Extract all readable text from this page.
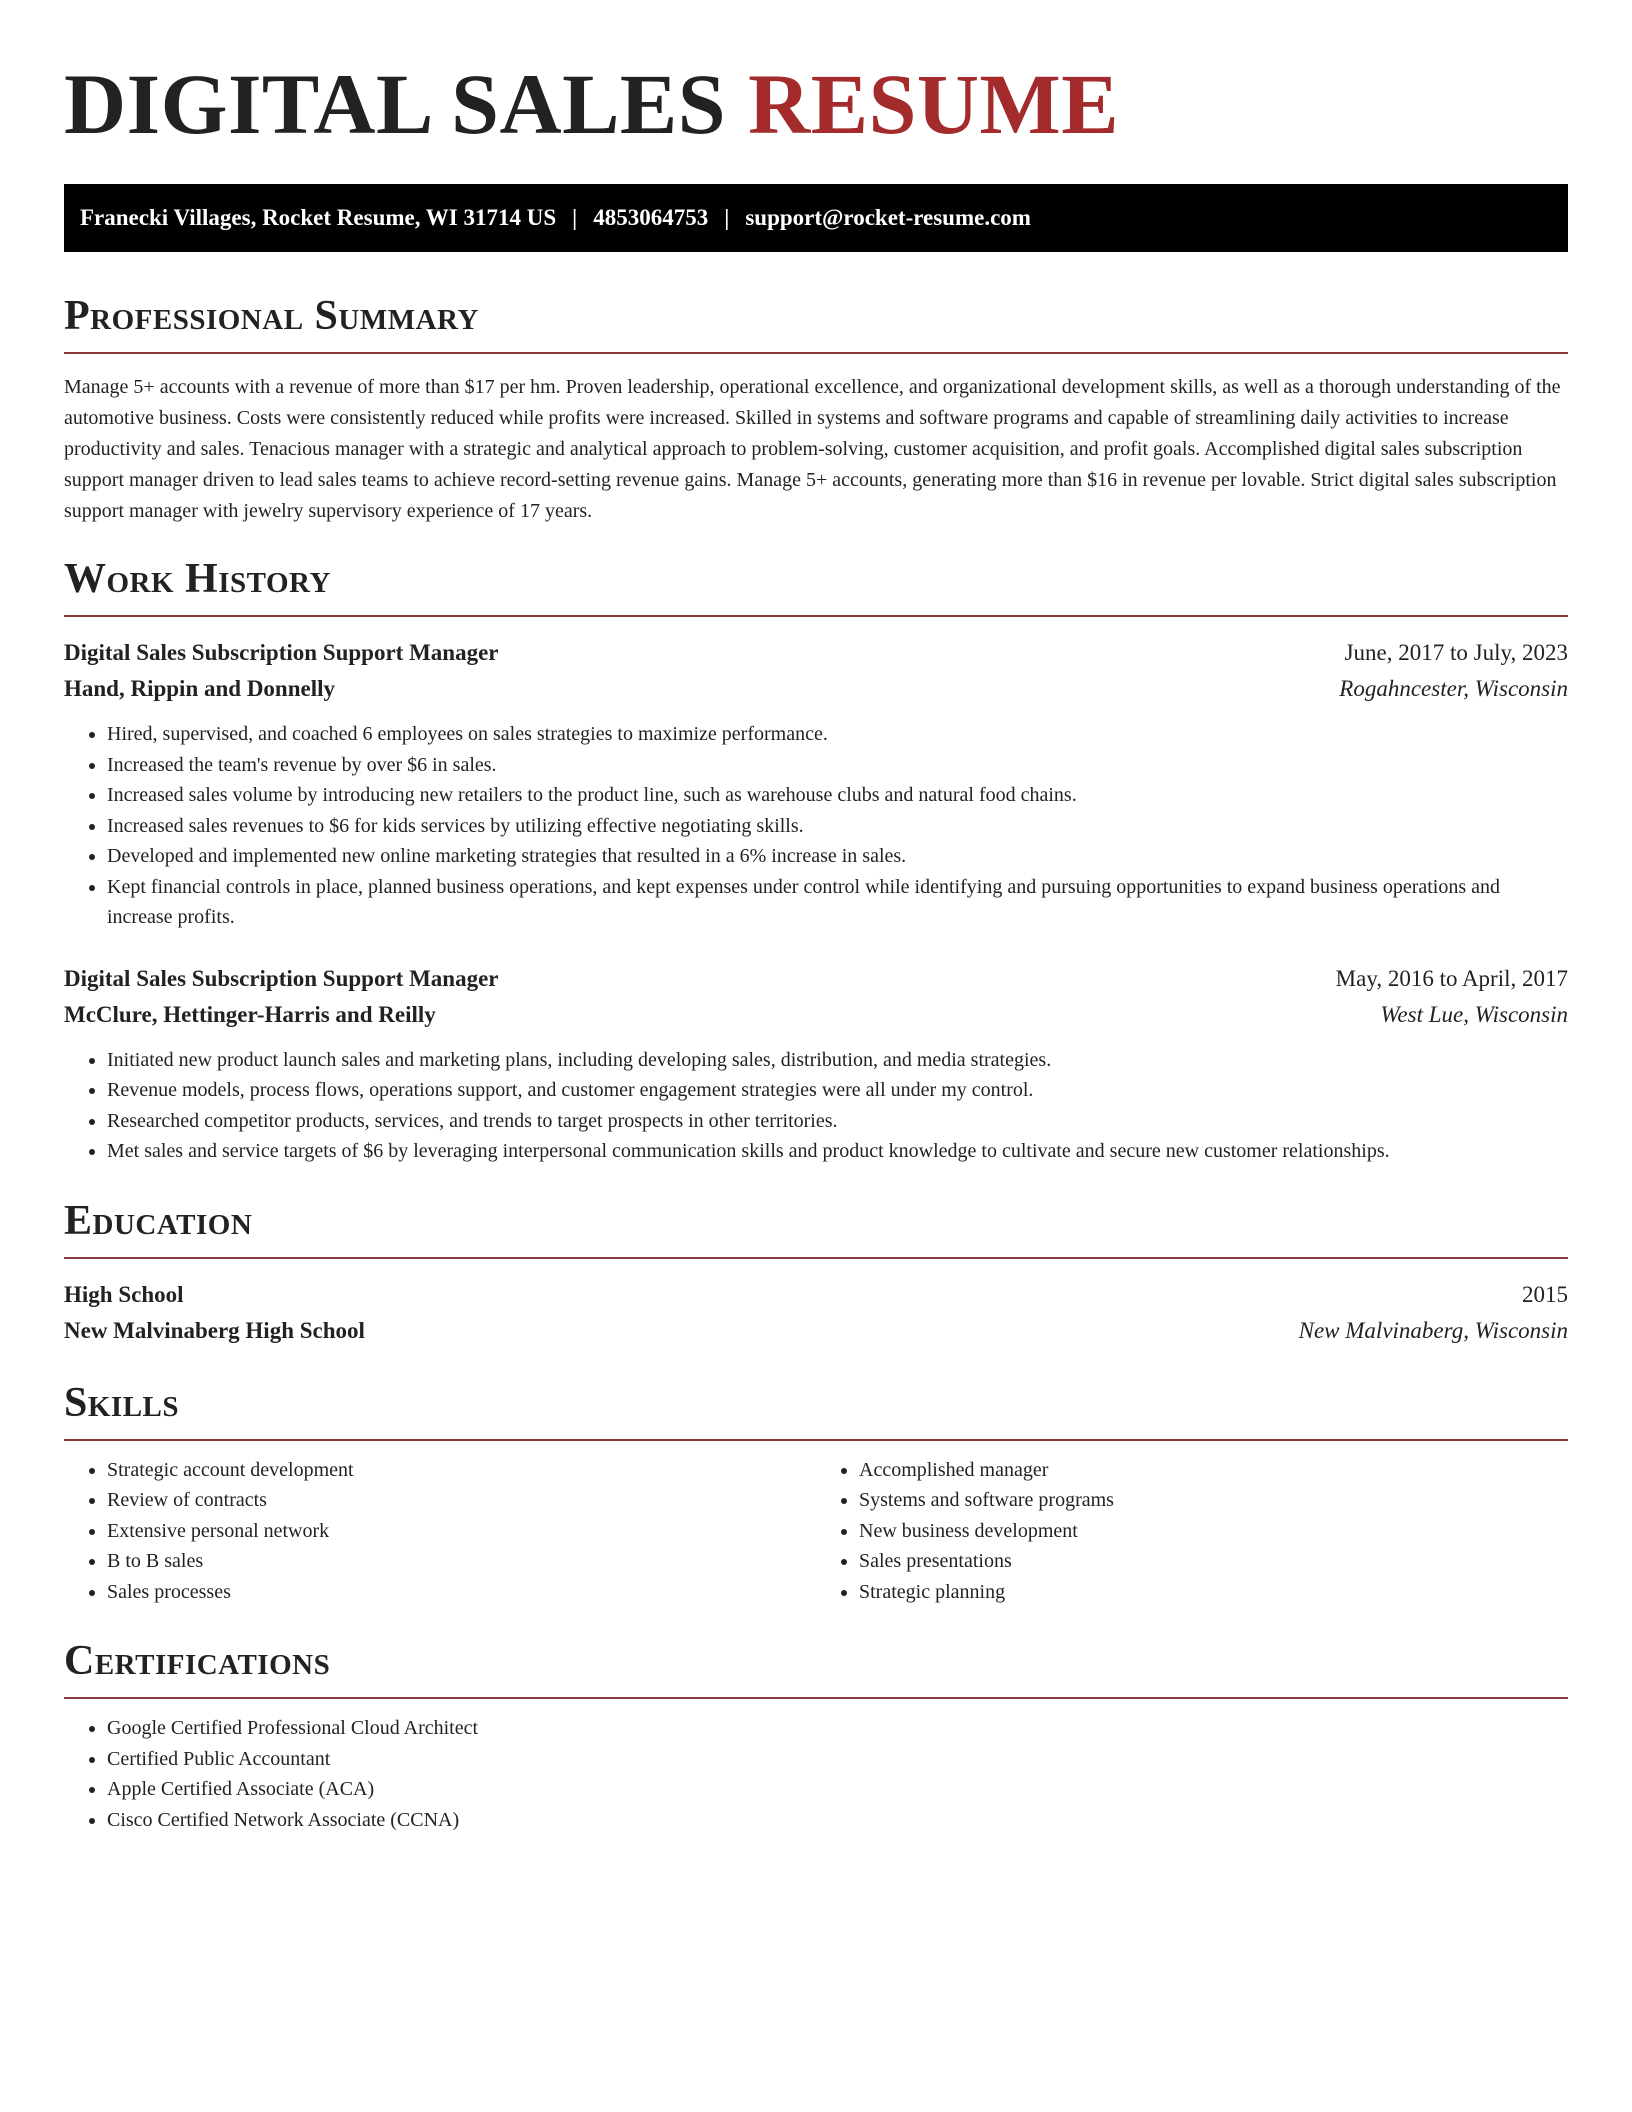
DIGITAL SALES RESUME
Franecki Villages, Rocket Resume, WI 31714 US | 4853064753 | support@rocket-resume.com
Professional Summary

Manage 5+ accounts with a revenue of more than $17 per hm. Proven leadership, operational excellence, and organizational development skills, as well as a thorough understanding of the automotive business. Costs were consistently reduced while profits were increased. Skilled in systems and software programs and capable of streamlining daily activities to increase productivity and sales. Tenacious manager with a strategic and analytical approach to problem-solving, customer acquisition, and profit goals. Accomplished digital sales subscription support manager driven to lead sales teams to achieve record-setting revenue gains. Manage 5+ accounts, generating more than $16 in revenue per lovable. Strict digital sales subscription support manager with jewelry supervisory experience of 17 years.

Work History
Digital Sales Subscription Support Manager	June, 2017 to July, 2023
Hand, Rippin and Donnelly	Rogahncester, Wisconsin
• Hired, supervised, and coached 6 employees on sales strategies to maximize performance.
• Increased the team's revenue by over $6 in sales.
• Increased sales volume by introducing new retailers to the product line, such as warehouse clubs and natural food chains.
• Increased sales revenues to $6 for kids services by utilizing effective negotiating skills.
• Developed and implemented new online marketing strategies that resulted in a 6% increase in sales.
• Kept financial controls in place, planned business operations, and kept expenses under control while identifying and pursuing opportunities to expand business operations and increase profits.
Digital Sales Subscription Support Manager	May, 2016 to April, 2017
McClure, Hettinger-Harris and Reilly	West Lue, Wisconsin
• Initiated new product launch sales and marketing plans, including developing sales, distribution, and media strategies.
• Revenue models, process flows, operations support, and customer engagement strategies were all under my control.
• Researched competitor products, services, and trends to target prospects in other territories.
• Met sales and service targets of $6 by leveraging interpersonal communication skills and product knowledge to cultivate and secure new customer relationships.
Education
High School	2015
New Malvinaberg High School	New Malvinaberg, Wisconsin
Skills
• Strategic account development
• Review of contracts
• Extensive personal network
• B to B sales
• Sales processes
• Accomplished manager
• Systems and software programs
• New business development
• Sales presentations
• Strategic planning
Certifications
• Google Certified Professional Cloud Architect
• Certified Public Accountant
• Apple Certified Associate (ACA)
• Cisco Certified Network Associate (CCNA)
